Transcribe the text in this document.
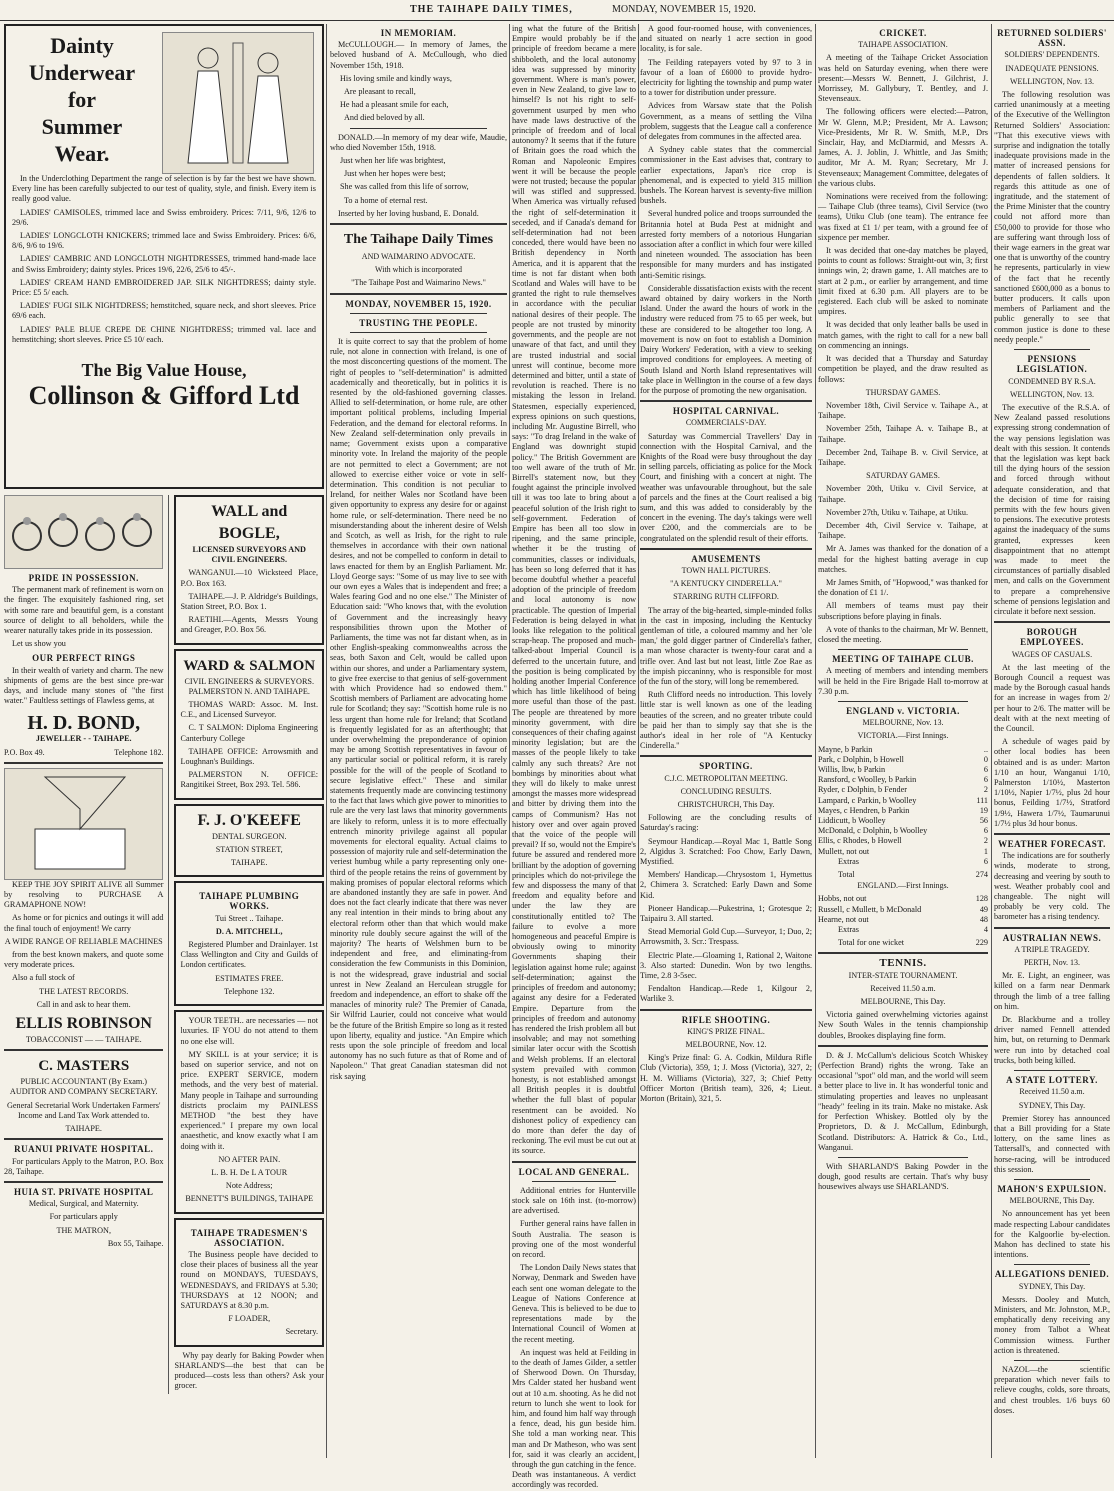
THE TAIHAPE DAILY TIMES,	MONDAY, NOVEMBER 15, 1920.
Dainty
Underwear
for
Summer
Wear.

In the Underclothing Department the range of selection is by far the best we have shown. Every line has been carefully subjected to our test of quality, style, and finish. Every item is really good value.

LADIES' CAMISOLES, trimmed lace and Swiss embroidery. Prices: 7/11, 9/6, 12/6 to 29/6.

LADIES' LONGCLOTH KNICKERS; trimmed lace and Swiss Embroidery. Prices: 6/6, 8/6, 9/6 to 19/6.

LADIES' CAMBRIC AND LONGCLOTH NIGHTDRESSES, trimmed hand-made lace and Swiss Embroidery; dainty styles. Prices 19/6, 22/6, 25/6 to 45/-.

LADIES' CREAM HAND EMBROIDERED JAP. SILK NIGHTDRESS; dainty style. Price: £5 5/ each.

LADIES' FUGI SILK NIGHTDRESS; hemstitched, square neck, and short sleeves. Price 69/6 each.

LADIES' PALE BLUE CREPE DE CHINE NIGHTDRESS; trimmed val. lace and hemstitching; short sleeves. Price £5 10/ each.

The Big Value House,
Collinson & Gifford Ltd
PRIDE IN POSSESSION.

The permanent mark of refinement is worn on the finger. The exquisitely fashioned ring, set with some rare and beautiful gem, is a constant source of delight to all beholders, while the wearer naturally takes pride in its possession.

Let us show you

OUR PERFECT RINGS

In their wealth of variety and charm. The new shipments of gems are the best since pre-war days, and include many stones of "the first water." Faultless settings of Flawless gems, at

H. D. BOND,

JEWELLER - - TAIHAPE.

P.O. Box 49.	Telephone 182.

KEEP THE JOY SPIRIT ALIVE all Summer by resolving to PURCHASE A GRAMAPHONE NOW!

As home or for picnics and outings it will add the final touch of enjoyment! We carry

A WIDE RANGE OF RELIABLE MACHINES

from the best known makers, and quote some very moderate prices.

Also a full stock of

THE LATEST RECORDS.

Call in and ask to hear them.

ELLIS ROBINSON

TOBACCONIST — — TAIHAPE.

C. MASTERS

PUBLIC ACCOUNTANT (By Exam.) AUDITOR AND COMPANY SECRETARY.

General Secretarial Work Undertaken Farmers' Income and Land Tax Work attended to.

TAIHAPE.

RUANUI PRIVATE HOSPITAL.

For particulars Apply to the Matron, P.O. Box 28, Taihape.

HUIA ST. PRIVATE HOSPITAL

Medical, Surgical, and Maternity.

For particulars apply

THE MATRON,

Box 55, Taihape.

WALL and BOGLE,

LICENSED SURVEYORS AND CIVIL ENGINEERS.

WANGANUI.—10 Wicksteed Place, P.O. Box 163.

TAIHAPE.—J. P. Aldridge's Buildings, Station Street, P.O. Box 1.

RAETIHI.—Agents, Messrs Young and Greager, P.O. Box 56.

WARD & SALMON

CIVIL ENGINEERS & SURVEYORS. PALMERSTON N. AND TAIHAPE.

THOMAS WARD: Assoc. M. Inst. C.E., and Licensed Surveyor.

C. T SALMON: Diploma Engineering Canterbury College

TAIHAPE OFFICE: Arrowsmith and Loughnan's Buildings.

PALMERSTON N. OFFICE: Rangitikei Street, Box 293. Tel. 586.

F. J. O'KEEFE

DENTAL SURGEON.

STATION STREET,

TAIHAPE.

TAIHAPE PLUMBING WORKS.

Tui Street .. Taihape.

D. A. MITCHELL,

Registered Plumber and Drainlayer. 1st Class Wellington and City and Guilds of London certificates.

ESTIMATES FREE.

Telephone 132.

YOUR TEETH.. are necessaries — not luxuries. IF YOU do not attend to them no one else will.

MY SKILL is at your service; it is based on superior service, and not on price. EXPERT SERVICE, modern methods, and the very best of material. Many people in Taihape and surrounding districts proclaim my PAINLESS METHOD "the best they have experienced." I prepare my own local anaesthetic, and know exactly what I am doing with it.

NO AFTER PAIN.

L. B. H. De L A TOUR

Note Address;

BENNETT'S BUILDINGS, TAIHAPE

TAIHAPE TRADESMEN'S ASSOCIATION.

The Business people have decided to close their places of business all the year round on MONDAYS, TUESDAYS, WEDNESDAYS, and FRIDAYS at 5.30; THURSDAYS at 12 NOON; and SATURDAYS at 8.30 p.m.

F LOADER,

Secretary.

Why pay dearly for Baking Powder when SHARLAND'S—the best that can be produced—costs less than others? Ask your grocer.

IN MEMORIAM.

McCULLOUGH.— In memory of James, the beloved husband of A. McCullough, who died November 15th, 1918.

His loving smile and kindly ways,

Are pleasant to recall,

He had a pleasant smile for each,

And died beloved by all.

DONALD.—In memory of my dear wife, Maudie, who died November 15th, 1918.

Just when her life was brightest,

Just when her hopes were best;

She was called from this life of sorrow,

To a home of eternal rest.

Inserted by her loving husband, E. Donald.

The Taihape Daily Times
AND WAIMARINO ADVOCATE.
With which is incorporated
"The Taihape Post and Waimarino News."
MONDAY, NOVEMBER 15, 1920.
TRUSTING THE PEOPLE.

It is quite correct to say that the problem of home rule, not alone in connection with Ireland, is one of the most disconcerting questions of the moment. The right of peoples to "self-determination" is admitted academically and theoretically, but in politics it is resented by the old-fashioned governing classes. Allied to self-determination, or home rule, are other important political problems, including Imperial Federation, and the demand for electoral reforms. In New Zealand self-determination only prevails in name; Government exists upon a comparative minority vote. In Ireland the majority of the people are not permitted to elect a Government; are not allowed to exercise either voice or vote in self-determination. This condition is not peculiar to Ireland, for neither Wales nor Scotland have been given opportunity to express any desire for or against home rule, or self-determination. There need be no misunderstanding about the inherent desire of Welsh and Scotch, as well as Irish, for the right to rule themselves in accordance with their own national desires, and not be compelled to conform in detail to laws enacted for them by an English Parliament. Mr. Lloyd George says: "Some of us may live to see with our own eyes a Wales that is independent and free; a Wales fearing God and no one else." The Minister of Education said: "Who knows that, with the evolution of Government and the increasingly heavy responsibilities thrown upon the Mother of Parliaments, the time was not far distant when, as in other English-speaking commonwealths across the seas, both Saxon and Celt, would be called upon within our shores, and under a Parliamentary system, to give free exercise to that genius of self-government with which Providence had so endowed them." Scottish members of Parliament are advocating home rule for Scotland; they say: "Scottish home rule is no less urgent than home rule for Ireland; that Scotland is frequently legislated for as an afterthought; that under overwhelming the preponderance of opinion may be among Scottish representatives in favour of any particular social or political reform, it is rarely possible for the will of the people of Scotland to secure legislative effect." These and similar statements frequently made are convincing testimony to the fact that laws which give power to minorities to rule are the very last laws that minority governments are likely to reform, unless it is to more effectually entrench minority privilege against all popular movements for electoral equality. Actual claims to possession of majority rule and self-determination the veriest humbug while a party representing only one-third of the people retains the reins of government by making promises of popular electoral reforms which are abandoned instantly they are safe in power. And does not the fact clearly indicate that there was never any real intention in their minds to bring about any electoral reform other than that which would make minority rule doubly secure against the will of the majority? The hearts of Welshmen burn to be independent and free, and eliminating-from consideration the few Communists in this Dominion, is not the widespread, grave industrial and social unrest in New Zealand an Herculean struggle for freedom and independence, an effort to shake off the manacles of minority rule? The Premier of Canada, Sir Wilfrid Laurier, could not conceive what would be the future of the British Empire so long as it rested upon liberty, equality and justice. "An Empire which rests upon the sole principle of freedom and local autonomy has no such future as that of Rome and of Napoleon." That great Canadian statesman did not risk saying

ing what the future of the British Empire would probably be if the principle of freedom became a mere shibboleth, and the local autonomy idea was suppressed by minority government. Where is man's power, even in New Zealand, to give law to himself? Is not his right to self-government usurped by men who have made laws destructive of the principle of freedom and of local autonomy? It seems that if the future of Britain goes the road which the Roman and Napoleonic Empires went it will be because the people were not trusted; because the popular will was stifled and suppressed. When America was virtually refused the right of self-determination it seceded, and if Canada's demand for self-determination had not been conceded, there would have been no British dependency in North America, and it is apparent that the time is not far distant when both Scotland and Wales will have to be granted the right to rule themselves in accordance with the peculiar national desires of their people. The people are not trusted by minority governments, and the people are not unaware of that fact, and until they are trusted industrial and social unrest will continue, become more determined and bitter, until a state of revolution is reached. There is no mistaking the lesson in Ireland. Statesmen, especially experienced, express opinions on such questions, including Mr. Augustine Birrell, who says: "To drag Ireland in the wake of England was downright stupid policy." The British Government are too well aware of the truth of Mr. Birrell's statement now, but they fought against the principle involved till it was too late to bring about a peaceful solution of the Irish right to self-government. Federation of Empire has been all too slow in ripening, and the same principle, whether it be the trusting of communities, classes or individuals, has been so long deferred that it has become doubtful whether a peaceful adoption of the principle of freedom and local autonomy is now practicable. The question of Imperial Federation is being delayed in what looks like relegation to the political scrap-heap. The proposed and much-talked-about Imperial Council is deferred to the uncertain future, and the position is being complicated by holding another Imperial Conference which has little likelihood of being more useful than those of the past. The people are threatened by more minority government, with dire consequences of their chafing against minority legislation; but are the masses of the people likely to take calmly any such threats? Are not bombings by minorities about what they will do likely to make unrest amongst the masses more widespread and bitter by driving them into the camps of Communism? Has not history over and over again proved that the voice of the people will prevail? If so, would not the Empire's future be assured and rendered more brilliant by the adoption of governing principles which do not-privilege the few and dispossess the many of that freedom and equality before and under the law they are constitutionally entitled to? The failure to evolve a more homogeneous and peaceful Empire is obviously owing to minority Governments shaping their legislation against home rule; against self-determination; against the principles of freedom and autonomy; against any desire for a Federated Empire. Departure from the principles of freedom and autonomy has rendered the Irish problem all but insolvable; and may not something similar later occur with the Scottish and Welsh problems. If an electoral system prevailed with common honesty, is not established amongst all British peoples it is doubtful whether the full blast of popular resentment can be avoided. No dishonest policy of expediency can do more than defer the day of reckoning. The evil must be cut out at its source.

LOCAL AND GENERAL.

Additional entries for Hunterville stock sale on 16th inst. (to-morrow) are advertised.

Further general rains have fallen in South Australia. The season is proving one of the most wonderful on record.

The London Daily News states that Norway, Denmark and Sweden have each sent one woman delegate to the League of Nations Conference at Geneva. This is believed to be due to representations made by the International Council of Women at the recent meeting.

An inquest was held at Feilding in to the death of James Gilder, a settler of Sherwood Down. On Thursday, Mrs Calder stated her husband went out at 10 a.m. shooting. As he did not return to lunch she went to look for him, and found him half way through a fence, dead, his gun beside him. She told a man working near. This man and Dr Matheson, who was sent for, said it was clearly an accident, through the gun catching in the fence. Death was instantaneous. A verdict accordingly was recorded.

A good four-roomed house, with conveniences, and situated on nearly 1 acre section in good locality, is for sale.

The Feilding ratepayers voted by 97 to 3 in favour of a loan of £6000 to provide hydro-electricity for lighting the township and pump water to a tower for distribution under pressure.

Advices from Warsaw state that the Polish Government, as a means of settling the Vilna problem, suggests that the League call a conference of delegates from communes in the affected area.

A Sydney cable states that the commercial commissioner in the East advises that, contrary to earlier expectations, Japan's rice crop is phenomenal, and is expected to yield 315 million bushels. The Korean harvest is seventy-five million bushels.

Several hundred police and troops surrounded the Britannia hotel at Buda Pest at midnight and arrested forty members of a notorious Hungarian association after a conflict in which four were killed and nineteen wounded. The association has been responsible for many murders and has instigated anti-Semitic risings.

Considerable dissatisfaction exists with the recent award obtained by dairy workers in the North Island. Under the award the hours of work in the industry were reduced from 75 to 65 per week, but these are considered to be altogether too long. A movement is now on foot to establish a Dominion Dairy Workers' Federation, with a view to seeking improved conditions for employees. A meeting of South Island and North Island representatives will take place in Wellington in the course of a few days for the purpose of promoting the new organisation.

HOSPITAL CARNIVAL.
COMMERCIALS'-DAY.

Saturday was Commercial Travellers' Day in connection with the Hospital Carnival, and the Knights of the Road were busy throughout the day in selling parcels, officiating as police for the Mock Court, and finishing with a concert at night. The weather was unfavourable throughout, but the sale of parcels and the fines at the Court realised a big sum, and this was added to considerably by the concert in the evening. The day's takings were well over £200, and the commercials are to be congratulated on the splendid result of their efforts.

AMUSEMENTS
TOWN HALL PICTURES.
"A KENTUCKY CINDERELLA."
STARRING RUTH CLIFFORD.

The array of the big-hearted, simple-minded folks in the cast in imposing, including the Kentucky gentleman of title, a coloured mammy and her 'ole man,' the gold digger partner of Cinderella's father, a man whose character is twenty-four carat and a trifle over. And last but not least, little Zoe Rae as the impish piccaninny, who is responsible for most of the fun of the story, will long be remembered.

Ruth Clifford needs no introduction. This lovely little star is well known as one of the leading beauties of the screen, and no greater tribute could be paid her than to simply say that she is the author's ideal in her role of "A Kentucky Cinderella."

SPORTING.
C.J.C. METROPOLITAN MEETING.
CONCLUDING RESULTS.
CHRISTCHURCH, This Day.

Following are the concluding results of Saturday's racing:

Seymour Handicap.—Royal Mac 1, Battle Song 2, Algidus 3. Scratched: Foo Chow, Early Dawn, Mystified.

Members' Handicap.—Chrysostom 1, Hymettus 2, Chimera 3. Scratched: Early Dawn and Some Kid.

Pioneer Handicap.—Pukestrina, 1; Grotesque 2; Taipairu 3. All started.

Stead Memorial Gold Cup.—Surveyor, 1; Duo, 2; Arrowsmith, 3. Scr.: Trespass.

Electric Plate.—Gloaming 1, Rational 2, Waitone 3. Also started: Dunedin. Won by two lengths. Time, 2.8 3-5sec.

Fendalton Handicap.—Rede 1, Kilgour 2, Warlike 3.

RIFLE SHOOTING.
KING'S PRIZE FINAL.
MELBOURNE, Nov. 12.

King's Prize final: G. A. Codkin, Mildura Rifle Club (Victoria), 359, 1; J. Moss (Victoria), 327, 2; H. M. Williams (Victoria), 327, 3; Chief Petty Officer Morton (British team), 326, 4; Lieut. Morton (Britain), 321, 5.

CRICKET.
TAIHAPE ASSOCIATION.

A meeting of the Taihape Cricket Association was held on Saturday evening, when there were present:—Messrs W. Bennett, J. Gilchrist, J. Morrissey, M. Gallybury, T. Bentley, and J. Stevenseaux.

The following officers were elected:—Patron, Mr W. Glenn, M.P.; President, Mr A. Lawson; Vice-Presidents, Mr R. W. Smith, M.P., Drs Sinclair, Hay, and McDiarmid, and Messrs A. James, A. J. Joblin, J. Whittle, and Jas Smith; auditor, Mr A. M. Ryan; Secretary, Mr J. Stevenseaux; Management Committee, delegates of the various clubs.

Nominations were received from the following: — Taihape Club (three teams), Civil Service (two teams), Utiku Club (one team). The entrance fee was fixed at £1 1/ per team, with a ground fee of sixpence per member.

It was decided that one-day matches be played, points to count as follows: Straight-out win, 3; first innings win, 2; drawn game, 1. All matches are to start at 2 p.m., or earlier by arrangement, and time limit fixed at 6.30 p.m. All players are to be registered. Each club will be asked to nominate umpires.

It was decided that only leather balls be used in match games, with the right to call for a new ball on commencing an innings.

It was decided that a Thursday and Saturday competition be played, and the draw resulted as follows:

THURSDAY GAMES.

November 18th, Civil Service v. Taihape A., at Taihape.

November 25th, Taihape A. v. Taihape B., at Taihape.

December 2nd, Taihape B. v. Civil Service, at Taihape.

SATURDAY GAMES.

November 20th, Utiku v. Civil Service, at Taihape.

November 27th, Utiku v. Taihape, at Utiku.

December 4th, Civil Service v. Taihape, at Taihape.

Mr A. James was thanked for the donation of a medal for the highest batting average in cup matches.

Mr James Smith, of "Hopwood," was thanked for the donation of £1 1/.

All members of teams must pay their subscriptions before playing in finals.

A vote of thanks to the chairman, Mr W. Bennett, closed the meeting.

MEETING OF TAIHAPE CLUB.

A meeting of members and intending members will be held in the Fire Brigade Hall to-morrow at 7.30 p.m.

ENGLAND v. VICTORIA.
MELBOURNE, Nov. 13.
VICTORIA.—First Innings.
Mayne, b Parkin	..
Park, c Dolphin, b Howell	0
Willis, lbw, b Parkin	6
Ransford, c Woolley, b Parkin	6
Ryder, c Dolphin, b Fender	2
Lampard, c Parkin, b Woolley	111
Mayes, c Hendren, b Parkin	19
Liddicutt, b Woolley	56
McDonald, c Dolphin, b Woolley	6
Ellis, c Rhodes, b Howell	2
Mullett, not out	1
Extras	6
Total	274
ENGLAND.—First Innings.
Hobbs, not out	128
Russell, c Mullett, b McDonald	49
Hearne, not out	48
Extras	4
Total for one wicket	229
TENNIS.
INTER-STATE TOURNAMENT.
Received 11.50 a.m.
MELBOURNE, This Day.

Victoria gained overwhelming victories against New South Wales in the tennis championship doubles, Brookes displaying fine form.

D. & J. McCallum's delicious Scotch Whiskey (Perfection Brand) rights the wrong. Take an occasional "spot" old man, and the world will seem a better place to live in. It has wonderful tonic and stimulating properties and leaves no unpleasant "heady" feeling in its train. Make no mistake. Ask for Perfection Whiskey. Bottled oly by the Proprietors, D. & J. McCallum, Edinburgh, Scotland. Distributors: A. Hatrick & Co., Ltd., Wanganui.

With SHARLAND'S Baking Powder in the dough, good results are certain. That's why busy housewives always use SHARLAND'S.

RETURNED SOLDIERS' ASSN.
SOLDIERS' DEPENDENTS.
INADEQUATE PENSIONS.
WELLINGTON, Nov. 13.

The following resolution was carried unanimously at a meeting of the Executive of the Wellington Returned Soldiers' Association: "That this executive views with surprise and indignation the totally inadequate provisions made in the matter of increased pensions for dependents of fallen soldiers. It regards this attitude as one of ingratitude, and the statement of the Prime Minister that the country could not afford more than £50,000 to provide for those who are suffering want through loss of their wage earners in the great war one that is unworthy of the country he represents, particularly in view of the fact that he recently sanctioned £600,000 as a bonus to butter producers. It calls upon members of Parliament and the public generally to see that common justice is done to these needy people."

PENSIONS LEGISLATION.
CONDEMNED BY R.S.A.
WELLINGTON, Nov. 13.

The executive of the R.S.A. of New Zealand passed resolutions expressing strong condemnation of the way pensions legislation was dealt with this session. It contends that the legislation was kept back till the dying hours of the session and forced through without adequate consideration, and that the decision of time for raising permits with the few hours given to pensions. The executive protests against the inadequacy of the sums granted, expresses keen disappointment that no attempt was made to meet the circumstances of partially disabled men, and calls on the Government to prepare a comprehensive scheme of pensions legislation and circulate it before next session.

BOROUGH EMPLOYEES.
WAGES OF CASUALS.

At the last meeting of the Borough Council a request was made by the Borough casual hands for an increase in wages from 2/ per hour to 2/6. The matter will be dealt with at the next meeting of the Council.

A schedule of wages paid by other local bodies has been obtained and is as under: Marton 1/10 an hour, Wanganui 1/10, Palmerston 1/10½, Masterton 1/10½, Napier 1/7½, plus 2d hour bonus, Feilding 1/7½, Stratford 1/9½, Hawera 1/7½, Taumarunui 1/7½ plus 3d hour bonus.

WEATHER FORECAST.

The indications are for southerly winds, moderate to strong, decreasing and veering by south to west. Weather probably cool and changeable. The night will probably be very cold. The barometer has a rising tendency.

AUSTRALIAN NEWS.
A TRIPLE TRAGEDY.
PERTH, Nov. 13.

Mr. E. Light, an engineer, was killed on a farm near Denmark through the limb of a tree falling on him.

Dr. Blackburne and a trolley driver named Fennell attended him, but, on returning to Denmark were run into by detached coal trucks, both being killed.

A STATE LOTTERY.
Received 11.50 a.m.
SYDNEY, This Day.

Premier Storey has announced that a Bill providing for a State lottery, on the same lines as Tattersall's, and connected with horse-racing, will be introduced this session.

MAHON'S EXPULSION.
MELBOURNE, This Day.

No announcement has yet been made respecting Labour candidates for the Kalgoorlie by-election. Mahon has declined to state his intentions.

ALLEGATIONS DENIED.
SYDNEY, This Day.

Messrs. Dooley and Mutch, Ministers, and Mr. Johnston, M.P., emphatically deny receiving any money from Talbot a Wheat Commission witness. Further action is threatened.

NAZOL—the scientific preparation which never fails to relieve coughs, colds, sore throats, and chest troubles. 1/6 buys 60 doses.
